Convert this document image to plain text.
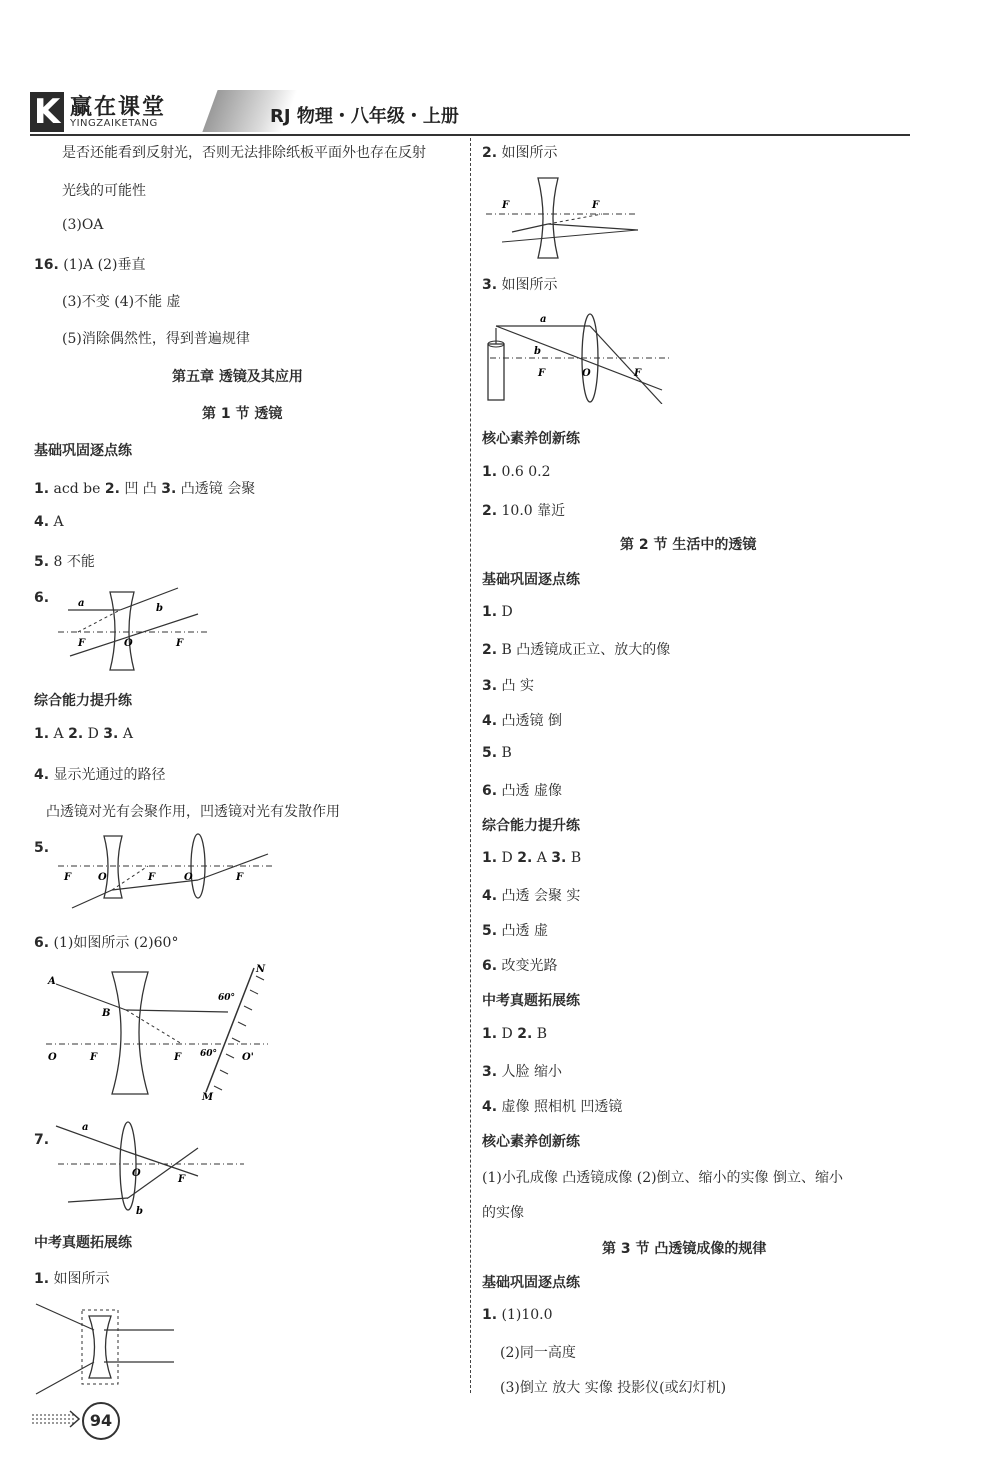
K 赢在课堂
YINGZAIKETANG	RJ 物理・八年级・上册
是否还能看到反射光，否则无法排除纸板平面外也存在反射
光线的可能性
(3)OA
16. (1)A (2)垂直
(3)不变 (4)不能 虚
(5)消除偶然性，得到普遍规律
第五章 透镜及其应用
第 1 节 透镜
基础巩固逐点练
1. acd be 2. 凹 凸 3. 凸透镜 会聚
4. A
5. 8 不能
6.	a	b
F	O	F
综合能力提升练
1. A 2. D 3. A
4. 显示光通过的路径
凸透镜对光有会聚作用，凹透镜对光有发散作用
5.
F	O	F	O	F
6. (1)如图所示 (2)60°
A
B
O	F	F	O'
N
M
60°
60°
7.
a
b
O
F
中考真题拓展练
1. 如图所示
2. 如图所示
F	F
3. 如图所示
a
b
F	O	F
核心素养创新练
1. 0.6 0.2
2. 10.0 靠近
第 2 节 生活中的透镜
基础巩固逐点练
1. D
2. B 凸透镜成正立、放大的像
3. 凸 实
4. 凸透镜 倒
5. B
6. 凸透 虚像
综合能力提升练
1. D 2. A 3. B
4. 凸透 会聚 实
5. 凸透 虚
6. 改变光路
中考真题拓展练
1. D 2. B
3. 人脸 缩小
4. 虚像 照相机 凹透镜
核心素养创新练
(1)小孔成像 凸透镜成像 (2)倒立、缩小的实像 倒立、缩小
的实像
第 3 节 凸透镜成像的规律
基础巩固逐点练
1. (1)10.0
(2)同一高度
(3)倒立 放大 实像 投影仪(或幻灯机)
94
